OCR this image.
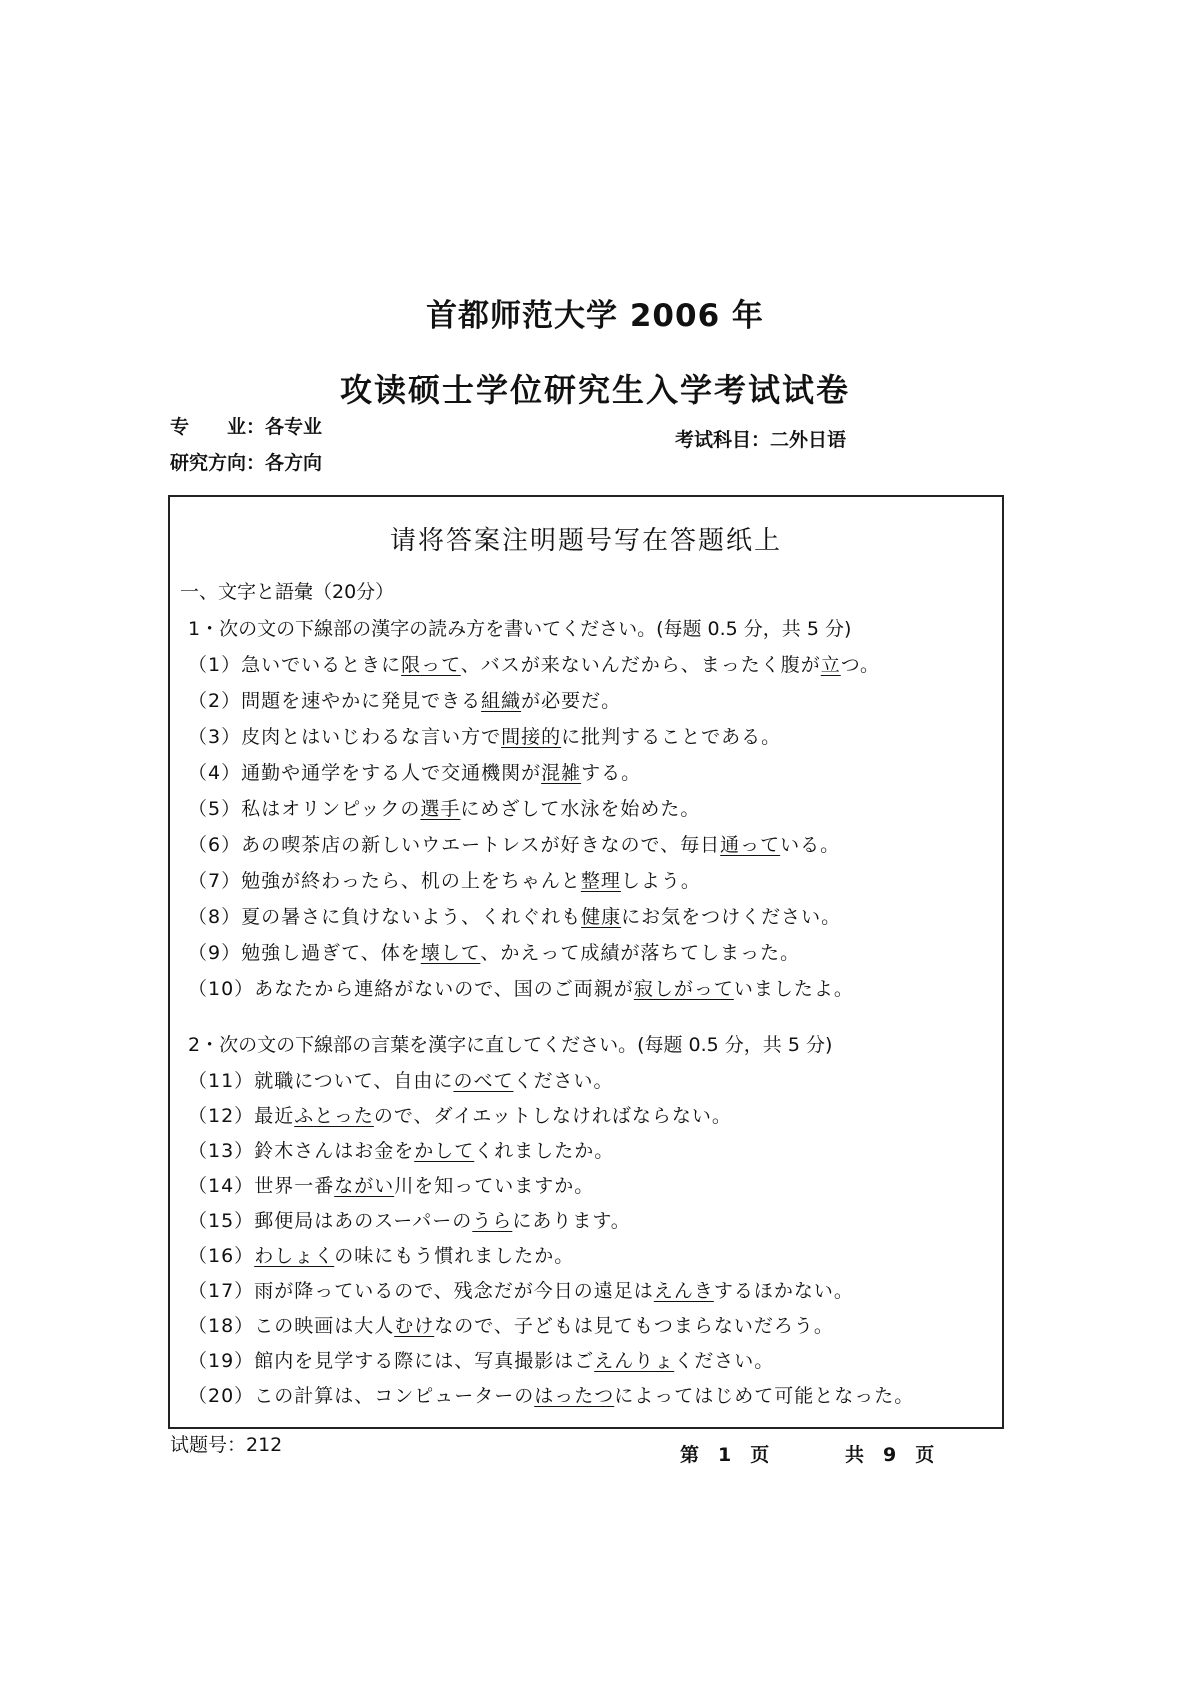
首都师范大学 2006 年
攻读硕士学位研究生入学考试试卷
专　　业：各专业
研究方向：各方向
考试科目：二外日语
请将答案注明题号写在答题纸上
一、文字と語彙（20分）
1・次の文の下線部の漢字の読み方を書いてください。(每题 0.5 分，共 5 分)
（1）急いでいるときに限って、バスが来ないんだから、まったく腹が立つ。
（2）問題を速やかに発見できる組織が必要だ。
（3）皮肉とはいじわるな言い方で間接的に批判することである。
（4）通勤や通学をする人で交通機関が混雑する。
（5）私はオリンピックの選手にめざして水泳を始めた。
（6）あの喫茶店の新しいウエートレスが好きなので、毎日通っている。
（7）勉強が終わったら、机の上をちゃんと整理しよう。
（8）夏の暑さに負けないよう、くれぐれも健康にお気をつけください。
（9）勉強し過ぎて、体を壊して、かえって成績が落ちてしまった。
（10）あなたから連絡がないので、国のご両親が寂しがっていましたよ。
2・次の文の下線部の言葉を漢字に直してください。(每题 0.5 分，共 5 分)
（11）就職について、自由にのべてください。
（12）最近ふとったので、ダイエットしなければならない。
（13）鈴木さんはお金をかしてくれましたか。
（14）世界一番ながい川を知っていますか。
（15）郵便局はあのスーパーのうらにあります。
（16）わしょくの味にもう慣れましたか。
（17）雨が降っているので、残念だが今日の遠足はえんきするほかない。
（18）この映画は大人むけなので、子どもは見てもつまらないだろう。
（19）館内を見学する際には、写真撮影はごえんりょください。
（20）この計算は、コンピューターのはったつによってはじめて可能となった。
试题号：212	第　1　页	共　9　页
